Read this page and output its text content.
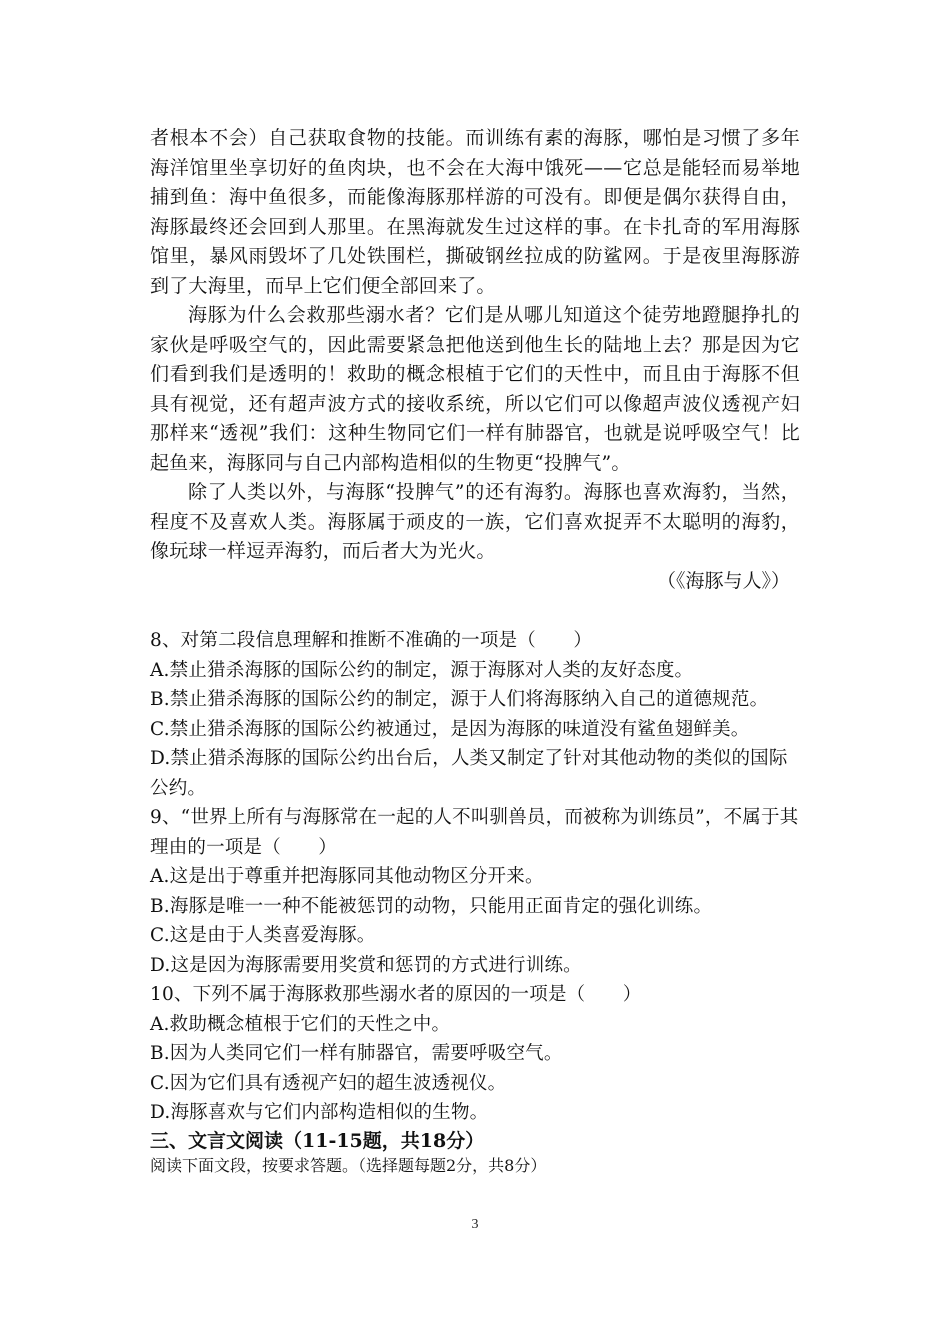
者根本不会）自己获取食物的技能。而训练有素的海豚，哪怕是习惯了多年海洋馆里坐享切好的鱼肉块，也不会在大海中饿死——它总是能轻而易举地捕到鱼：海中鱼很多，而能像海豚那样游的可没有。即便是偶尔获得自由，海豚最终还会回到人那里。在黑海就发生过这样的事。在卡扎奇的军用海豚馆里，暴风雨毁坏了几处铁围栏，撕破钢丝拉成的防鲨网。于是夜里海豚游到了大海里，而早上它们便全部回来了。

海豚为什么会救那些溺水者？它们是从哪儿知道这个徒劳地蹬腿挣扎的家伙是呼吸空气的，因此需要紧急把他送到他生长的陆地上去？那是因为它们看到我们是透明的！救助的概念根植于它们的天性中，而且由于海豚不但具有视觉，还有超声波方式的接收系统，所以它们可以像超声波仪透视产妇那样来“透视”我们：这种生物同它们一样有肺器官，也就是说呼吸空气！比起鱼来，海豚同与自己内部构造相似的生物更“投脾气”。

除了人类以外，与海豚“投脾气”的还有海豹。海豚也喜欢海豹，当然，程度不及喜欢人类。海豚属于顽皮的一族，它们喜欢捉弄不太聪明的海豹，像玩球一样逗弄海豹，而后者大为光火。

（《海豚与人》）

8、对第二段信息理解和推断不准确的一项是（　　）

A.禁止猎杀海豚的国际公约的制定，源于海豚对人类的友好态度。

B.禁止猎杀海豚的国际公约的制定，源于人们将海豚纳入自己的道德规范。

C.禁止猎杀海豚的国际公约被通过，是因为海豚的味道没有鲨鱼翅鲜美。

D.禁止猎杀海豚的国际公约出台后，人类又制定了针对其他动物的类似的国际公约。

9、“世界上所有与海豚常在一起的人不叫驯兽员，而被称为训练员”，不属于其理由的一项是（　　）

A.这是出于尊重并把海豚同其他动物区分开来。

B.海豚是唯一一种不能被惩罚的动物，只能用正面肯定的强化训练。

C.这是由于人类喜爱海豚。

D.这是因为海豚需要用奖赏和惩罚的方式进行训练。

10、下列不属于海豚救那些溺水者的原因的一项是（　　）

A.救助概念植根于它们的天性之中。

B.因为人类同它们一样有肺器官，需要呼吸空气。

C.因为它们具有透视产妇的超生波透视仪。

D.海豚喜欢与它们内部构造相似的生物。

三、文言文阅读（11-15题，共18分）

阅读下面文段，按要求答题。（选择题每题2分，共8分）

3
